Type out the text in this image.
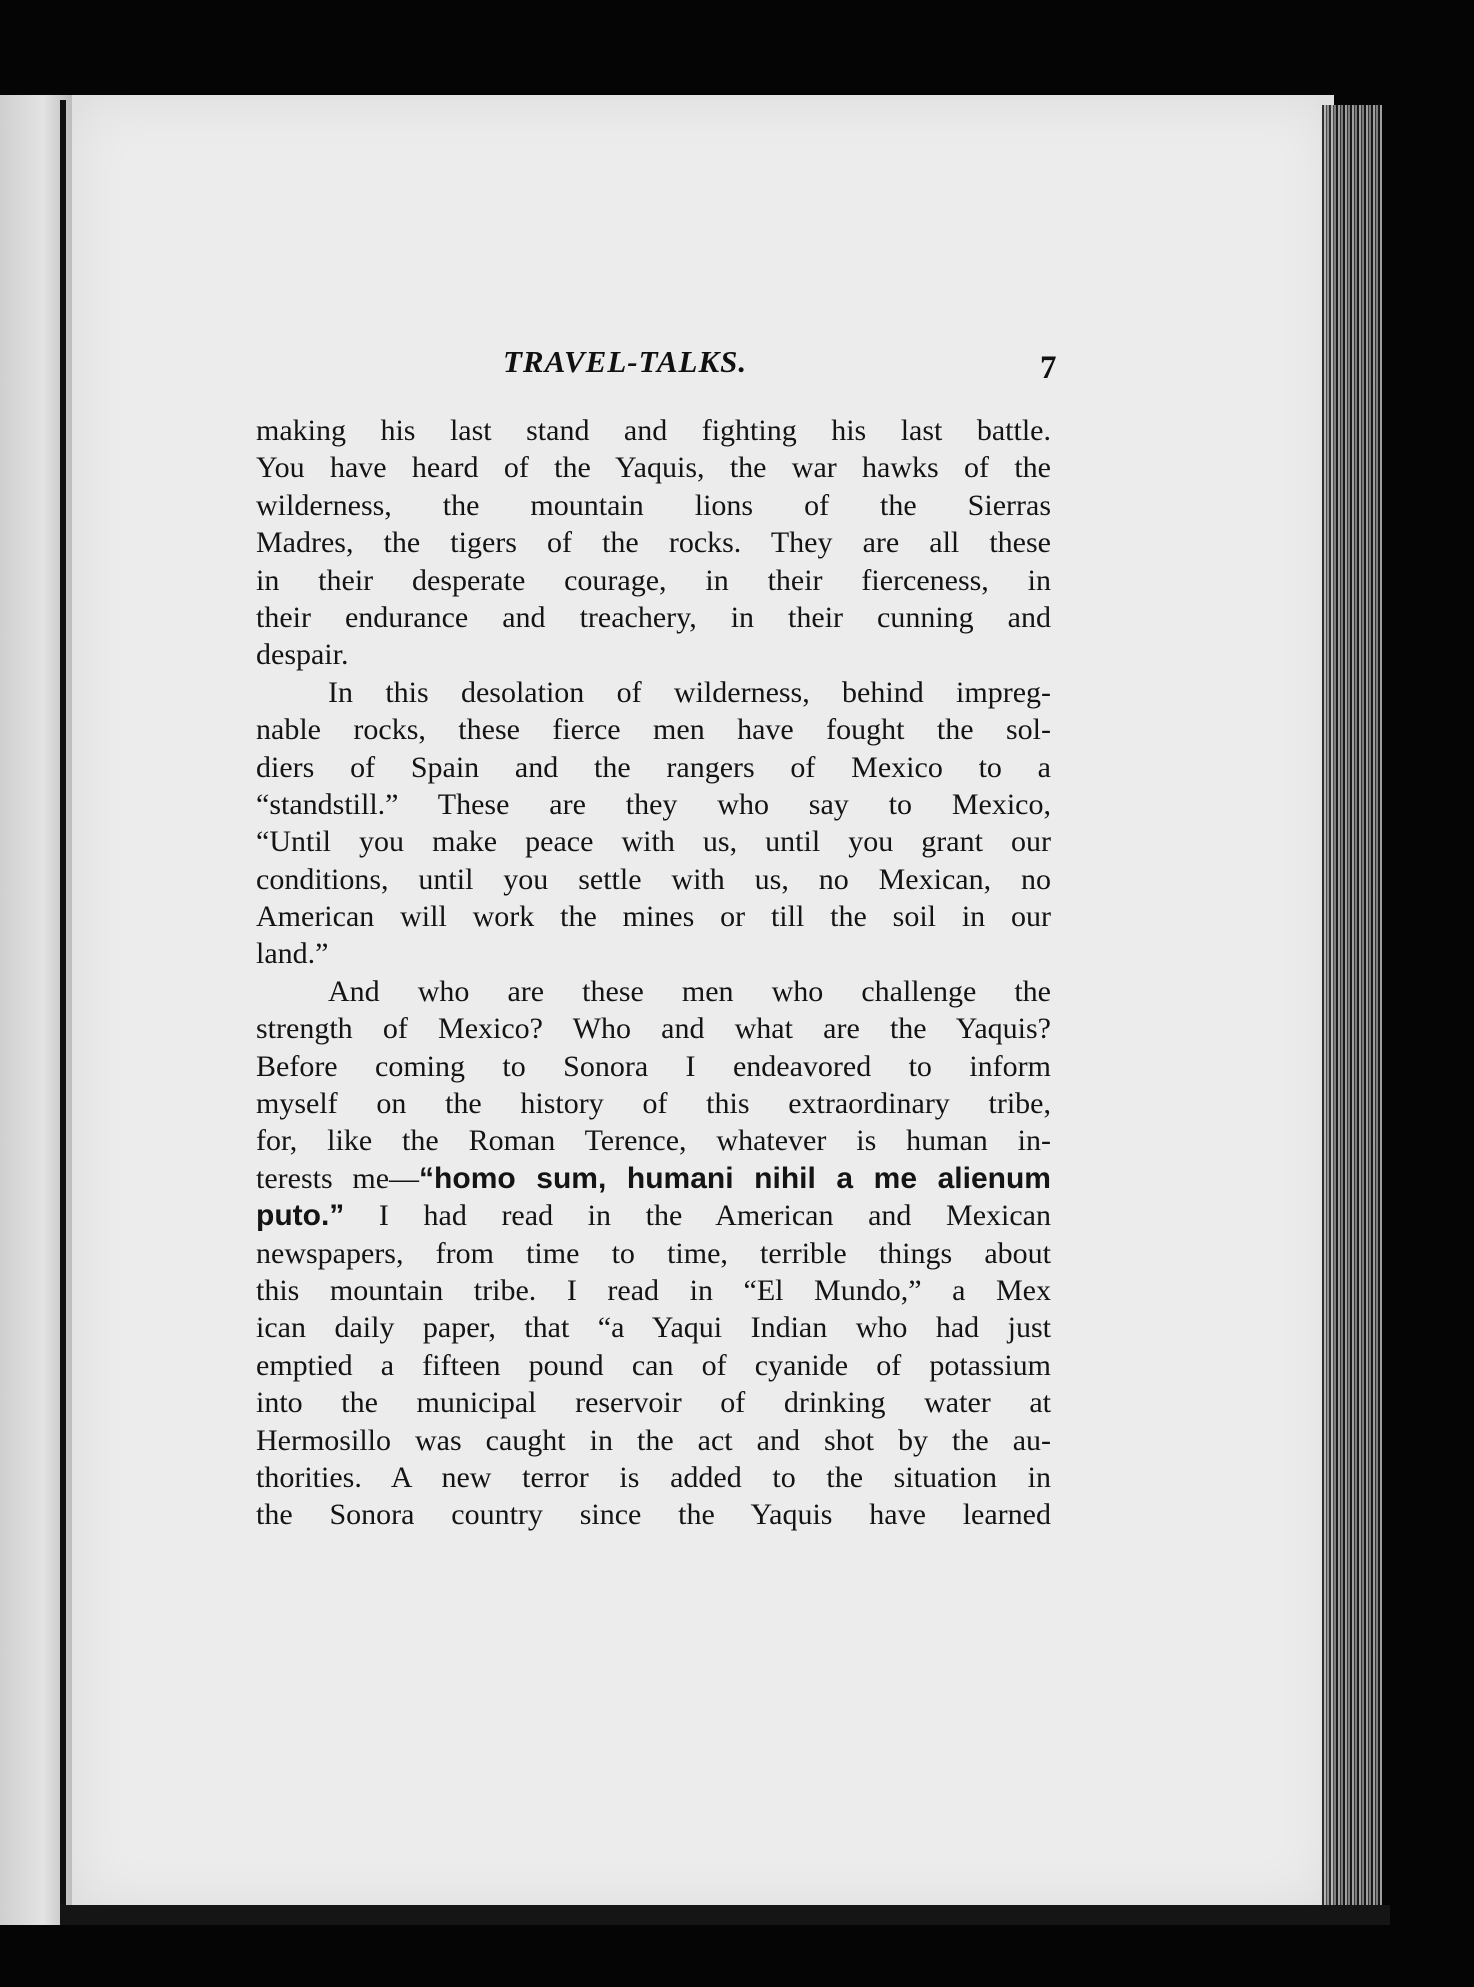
TRAVEL-TALKS.	7
making his last stand and fighting his last battle.
You have heard of the Yaquis, the war hawks of the
wilderness, the mountain lions of the Sierras
Madres, the tigers of the rocks. They are all these
in their desperate courage, in their fierceness, in
their endurance and treachery, in their cunning and
despair.
In this desolation of wilderness, behind impreg-
nable rocks, these fierce men have fought the sol-
diers of Spain and the rangers of Mexico to a
“standstill.” These are they who say to Mexico,
“Until you make peace with us, until you grant our
conditions, until you settle with us, no Mexican, no
American will work the mines or till the soil in our
land.”
And who are these men who challenge the
strength of Mexico? Who and what are the Yaquis?
Before coming to Sonora I endeavored to inform
myself on the history of this extraordinary tribe,
for, like the Roman Terence, whatever is human in-
terests me—“homo sum, humani nihil a me alienum
puto.” I had read in the American and Mexican
newspapers, from time to time, terrible things about
this mountain tribe. I read in “El Mundo,” a Mex
ican daily paper, that “a Yaqui Indian who had just
emptied a fifteen pound can of cyanide of potassium
into the municipal reservoir of drinking water at
Hermosillo was caught in the act and shot by the au-
thorities. A new terror is added to the situation in
the Sonora country since the Yaquis have learned
